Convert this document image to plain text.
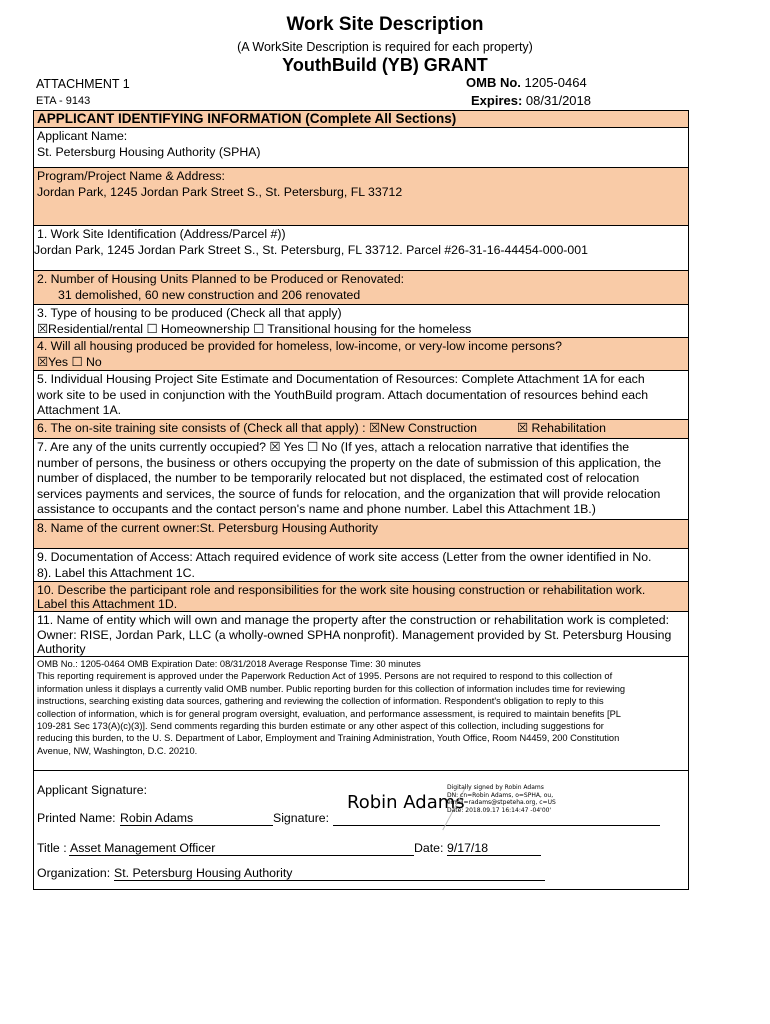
Work Site Description
(A WorkSite Description is required for each property)
YouthBuild (YB) GRANT
ATTACHMENT 1
ETA - 9143
OMB No. 1205-0464
Expires: 08/31/2018
APPLICANT IDENTIFYING INFORMATION (Complete All Sections)
Applicant Name:
St. Petersburg Housing Authority (SPHA)
Program/Project Name & Address:
Jordan Park, 1245 Jordan Park Street S., St. Petersburg, FL 33712
1. Work Site Identification (Address/Parcel #))
Jordan Park, 1245 Jordan Park Street S., St. Petersburg, FL 33712. Parcel #26-31-16-44454-000-001
2. Number of Housing Units Planned to be Produced or Renovated:
31 demolished, 60 new construction and 206 renovated
3. Type of housing to be produced (Check all that apply)
☒Residential/rental ☐ Homeownership ☐ Transitional housing for the homeless
4. Will all housing produced be provided for homeless, low-income, or very-low income persons?
☒Yes ☐ No
5. Individual Housing Project Site Estimate and Documentation of Resources: Complete Attachment 1A for each
work site to be used in conjunction with the YouthBuild program. Attach documentation of resources behind each
Attachment 1A.
6. The on-site training site consists of (Check all that apply) : ☒New Construction	☒ Rehabilitation
7. Are any of the units currently occupied? ☒ Yes ☐ No (If yes, attach a relocation narrative that identifies the
number of persons, the business or others occupying the property on the date of submission of this application, the
number of displaced, the number to be temporarily relocated but not displaced, the estimated cost of relocation
services payments and services, the source of funds for relocation, and the organization that will provide relocation
assistance to occupants and the contact person's name and phone number. Label this Attachment 1B.)
8. Name of the current owner:St. Petersburg Housing Authority
9. Documentation of Access: Attach required evidence of work site access (Letter from the owner identified in No.
8). Label this Attachment 1C.
10. Describe the participant role and responsibilities for the work site housing construction or rehabilitation work.
Label this Attachment 1D.
11. Name of entity which will own and manage the property after the construction or rehabilitation work is completed:
Owner: RISE, Jordan Park, LLC (a wholly-owned SPHA nonprofit). Management provided by St. Petersburg Housing
Authority
OMB No.: 1205-0464 OMB Expiration Date: 08/31/2018 Average Response Time: 30 minutes
This reporting requirement is approved under the Paperwork Reduction Act of 1995. Persons are not required to respond to this collection of
information unless it displays a currently valid OMB number. Public reporting burden for this collection of information includes time for reviewing
instructions, searching existing data sources, gathering and reviewing the collection of information. Respondent's obligation to reply to this
collection of information, which is for general program oversight, evaluation, and performance assessment, is required to maintain benefits [PL
109-281 Sec 173(A)(c)(3)]. Send comments regarding this burden estimate or any other aspect of this collection, including suggestions for
reducing this burden, to the U. S. Department of Labor, Employment and Training Administration, Youth Office, Room N4459, 200 Constitution
Avenue, NW, Washington, D.C. 20210.
Applicant Signature:
Printed Name: Robin Adams	Signature:
Robin Adams
Digitally signed by Robin Adams
DN: cn=Robin Adams, o=SPHA, ou,
email=radams@stpeteha.org, c=US
Date: 2018.09.17 16:14:47 -04'00'
Title : Asset Management Officer	Date: 9/17/18
Organization: St. Petersburg Housing Authority
